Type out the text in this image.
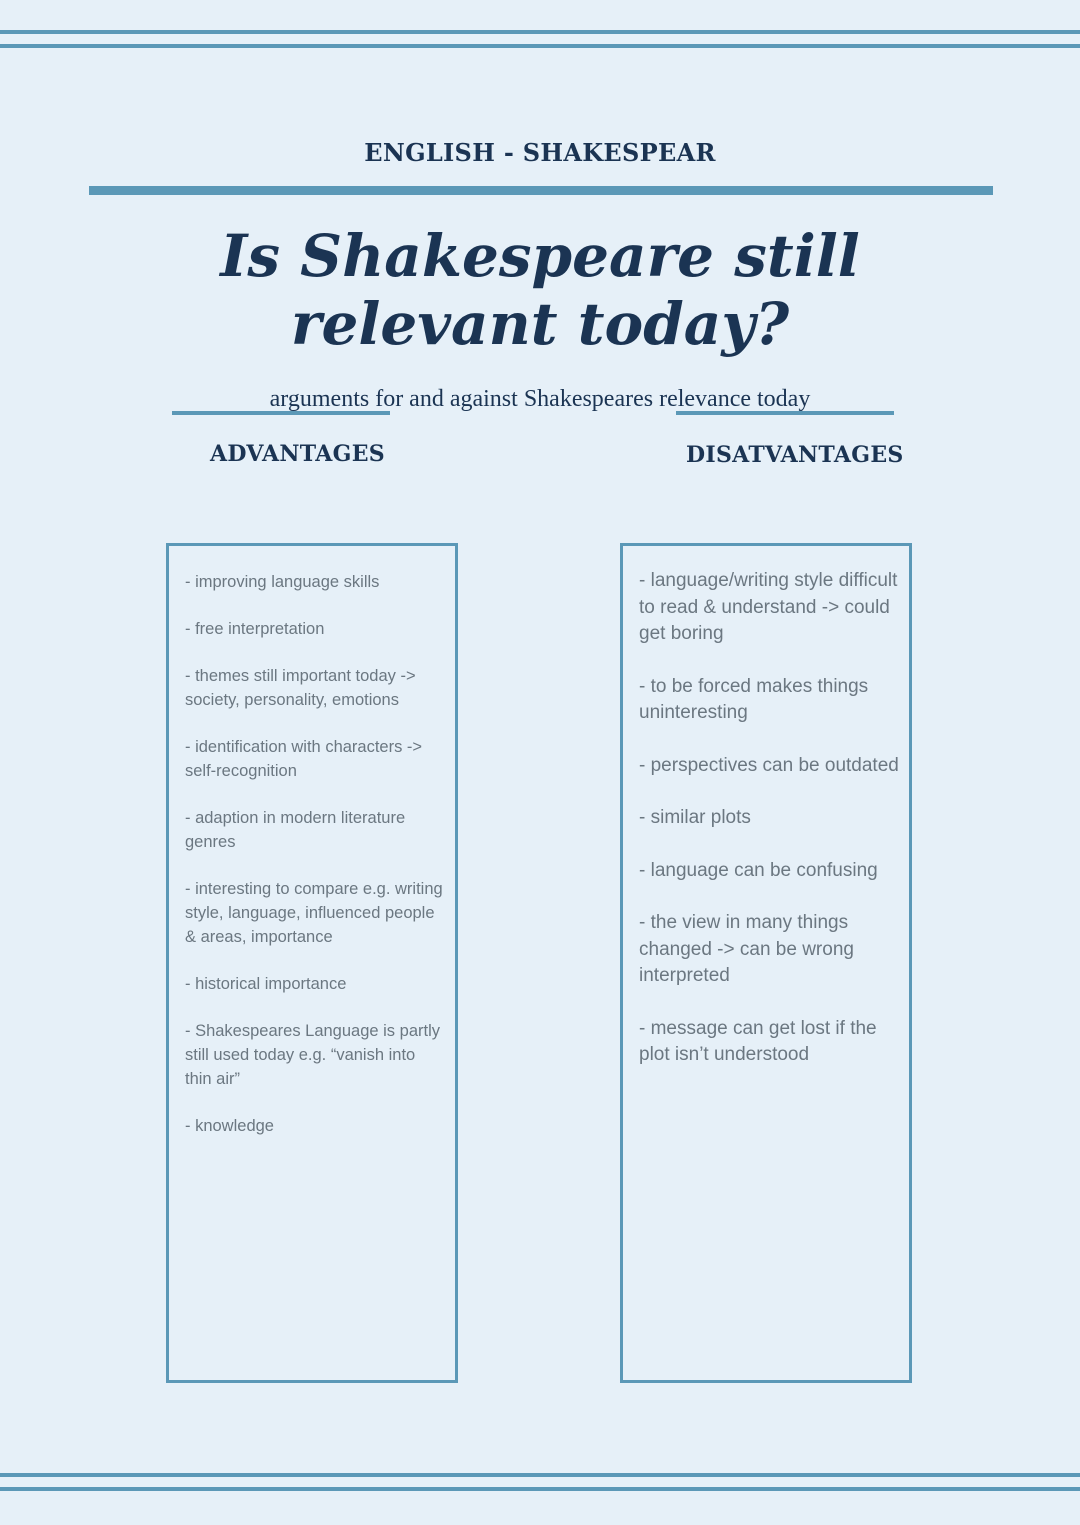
ENGLISH - SHAKESPEAR
Is Shakespeare still
relevant today?
arguments for and against Shakespeares relevance today
ADVANTAGES	DISATVANTAGES

- improving language skills

- free interpretation

- themes still important today -> society, personality, emotions

- identification with characters -> self-recognition

- adaption in modern literature genres

- interesting to compare e.g. writing style, language, influenced people & areas, importance

- historical importance

- Shakespeares Language is partly still used today e.g. “vanish into thin air”

- knowledge

- language/writing style difficult to read & understand -> could get boring

- to be forced makes things uninteresting

- perspectives can be outdated

- similar plots

- language can be confusing

- the view in many things changed -> can be wrong interpreted

- message can get lost if the plot isn’t understood
